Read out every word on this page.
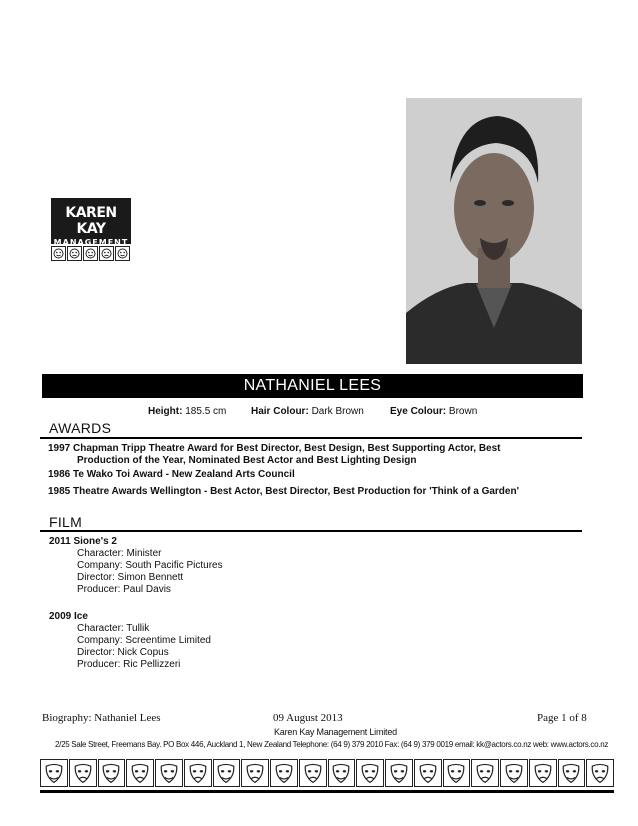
KAREN KAY
MANAGEMENT
NATHANIEL LEES
Height: 185.5 cm Hair Colour: Dark Brown	Eye Colour: Brown
AWARDS
1997 Chapman Tripp Theatre Award for Best Director, Best Design, Best Supporting Actor, Best
Production of the Year, Nominated Best Actor and Best Lighting Design
1986 Te Wako Toi Award - New Zealand Arts Council
1985 Theatre Awards Wellington - Best Actor, Best Director, Best Production for 'Think of a Garden'
FILM
2011 Sione's 2
Character: Minister
Company: South Pacific Pictures
Director: Simon Bennett
Producer: Paul Davis
2009 Ice
Character: Tullik
Company: Screentime Limited
Director: Nick Copus
Producer: Ric Pellizzeri
Biography: Nathaniel Lees	09 August 2013	Page 1 of 8
Karen Kay Management Limited
2/25 Sale Street, Freemans Bay. PO Box 446, Auckland 1, New Zealand Telephone: (64 9) 379 2010 Fax: (64 9) 379 0019 email: kk@actors.co.nz web: www.actors.co.nz
